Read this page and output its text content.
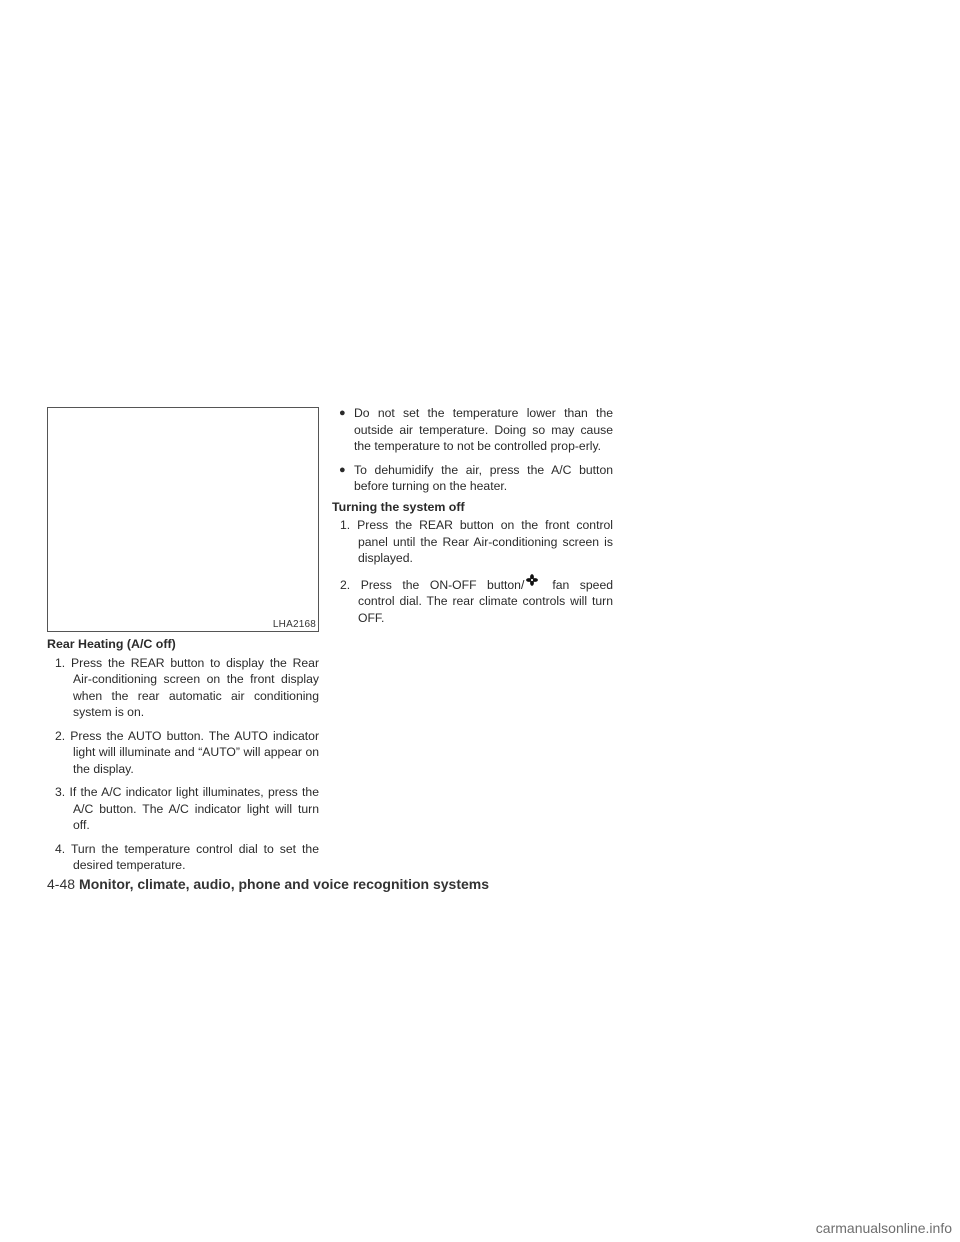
LHA2168
Rear Heating (A/C off)
1. Press the REAR button to display the Rear Air-conditioning screen on the front display when the rear automatic air conditioning system is on.
2. Press the AUTO button. The AUTO indicator light will illuminate and “AUTO” will appear on the display.
3. If the A/C indicator light illuminates, press the A/C button. The A/C indicator light will turn off.
4. Turn the temperature control dial to set the desired temperature.
● Do not set the temperature lower than the outside air temperature. Doing so may cause the temperature to not be controlled prop-erly.
● To dehumidify the air, press the A/C button before turning on the heater.
Turning the system off
1. Press the REAR button on the front control panel until the Rear Air-conditioning screen is displayed.
2. Press the ON-OFF button/ fan speed control dial. The rear climate controls will turn OFF.
4-48 Monitor, climate, audio, phone and voice recognition systems
carmanualsonline.info
